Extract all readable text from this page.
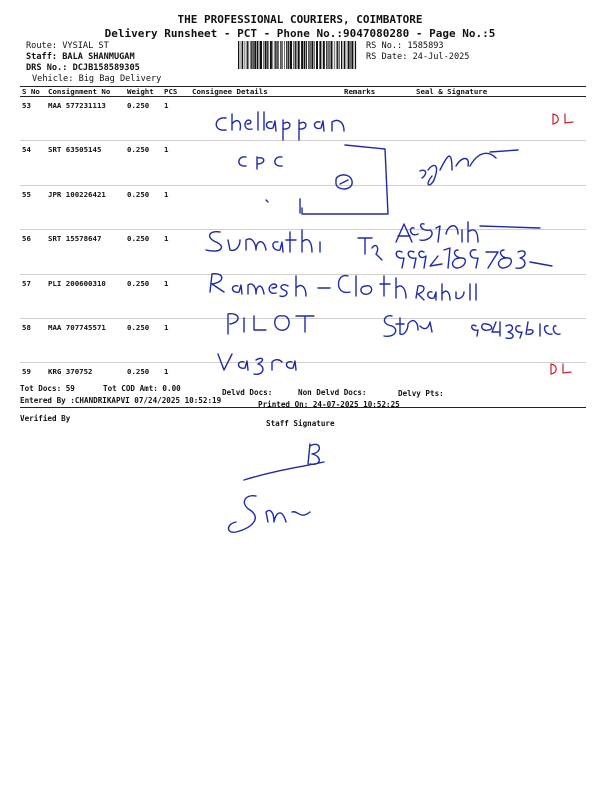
THE PROFESSIONAL COURIERS, COIMBATORE
Delivery Runsheet - PCT - Phone No.:9047080280 - Page No.:5
Route: VYSIAL ST
Staff: BALA SHANMUGAM
DRS No.: DCJB158589305
Vehicle: Big Bag Delivery
RS No.: 1585893
RS Date: 24-Jul-2025
S No	Consignment No	Weight	PCS	Consignee Details	Remarks	Seal & Signature
53	MAA 577231113	0.250	1			
54	SRT 63505145	0.250	1			
55	JPR 100226421	0.250	1			
56	SRT 15578647	0.250	1			
57	PLI 200600310	0.250	1			
58	MAA 707745571	0.250	1			
59	KRG 370752	0.250	1			
Tot Docs: 59	Tot COD Amt: 0.00	Delvd Docs:	Non Delvd Docs:	Delvy Pts:
Entered By :CHANDRIKAPVI 07/24/2025 10:52:19	Printed On: 24-07-2025 10:52:25
Verified By
Staff Signature
